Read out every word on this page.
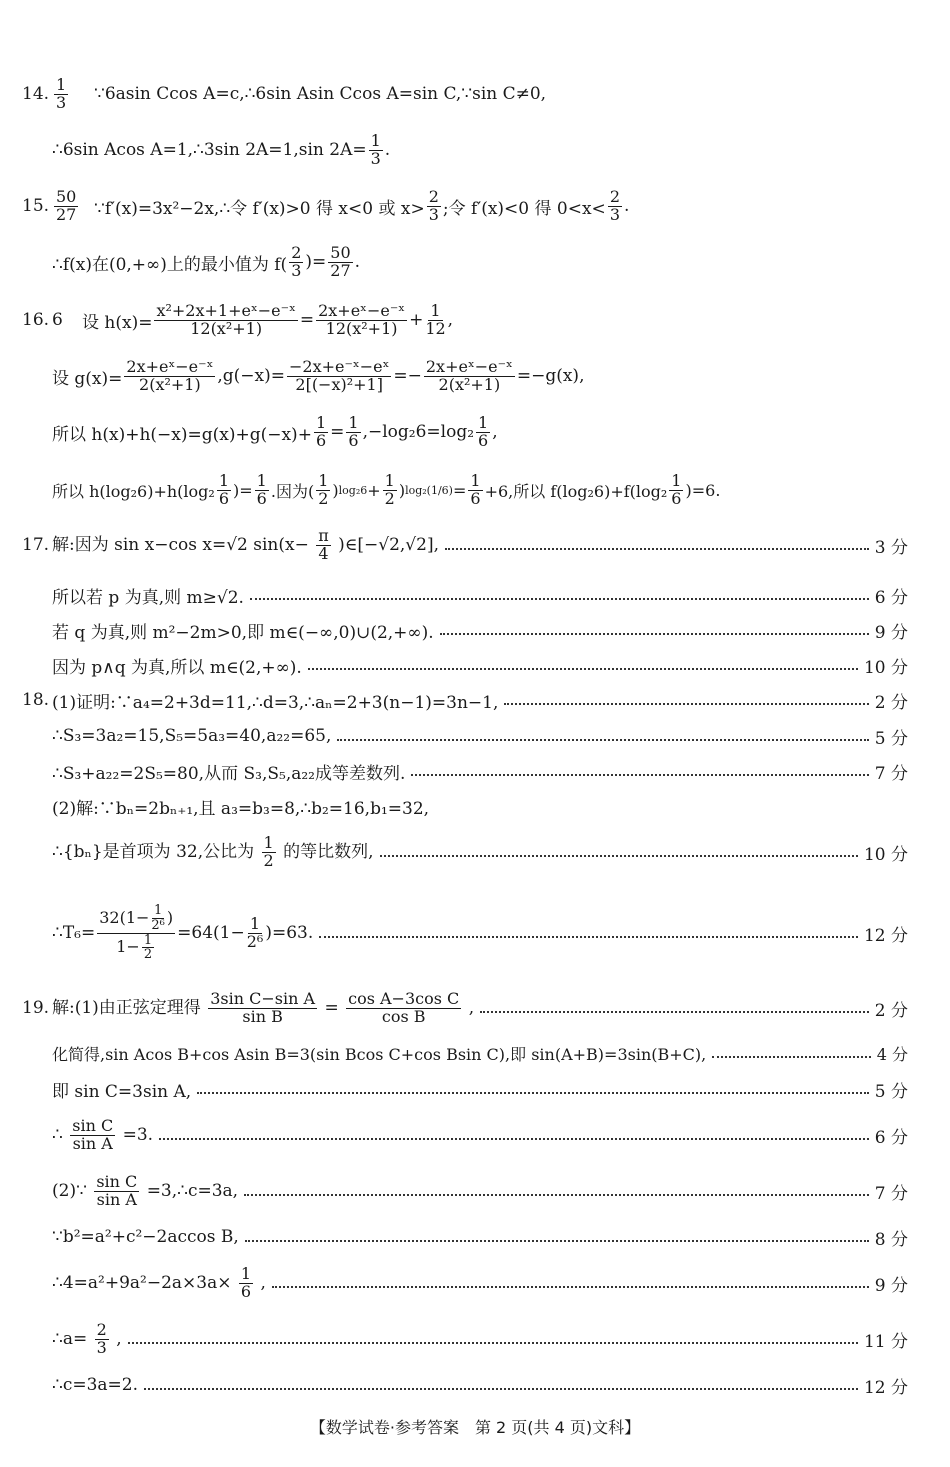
14. $\frac{1}{3}$ ∵6asin Ccos A=c,∴6sin Asin Ccos A=sin C,∵sin C≠0,
∴6sin Acos A=1,∴3sin 2A=1,sin $2A= \frac{1}{3}$ .
15. $\frac{50}{27}$ ∵f′(x)=3x²−2x,∴令 f′(x)>0 得 x<0 或 $x> \frac{2}{3}$ ;令 f′(x)<0 得 $0<x< \frac{2}{3}$ .
∴f(x)在(0,+∞)上的最小值为 $f( \frac{2}{3}$ )= $\frac{50}{27}$ .
16. 6 设 $h(x)= \frac{\text{x²+2x+1+eˣ−e⁻ˣ}}{\text{12(x²+1)}} = \frac{\text{2x+eˣ−e⁻ˣ}}{\text{12(x²+1)}} + \frac{1}{12}$ ,
设 $g(x)= \frac{\text{2x+eˣ−e⁻ˣ}}{\text{2(x²+1)}} ,g(-x)= \frac{\text{−2x+e⁻ˣ−eˣ}}{\text{2[(−x)²+1]}} =- \frac{\text{2x+eˣ−e⁻ˣ}}{\text{2(x²+1)}} =-g(x)$,
所以 $h(x)+h(-x)=g(x)+g(-x)+ \frac{1}{6} = \frac{1}{6} ,-\log_26=\log_2 \frac{1}{6}$ ,
所以 $h(\log_26)+h(\log_2 \frac{1}{6}$ )= $\frac{1}{6}$ .因为( $\frac{1}{2}$ ) $\log_26 + \frac{1}{2}$ ) $\log_2(1/6) = \frac{1}{6} +6$,所以 $f(\log_26)+f(\log_2 \frac{1}{6} )=6$.
17. 解:因为 sin x−cos x=√2 $\sin(x- \frac{\pi}{4}$ )∈[−√2,√2],	3 分
所以若 p 为真,则 m≥√2.	6 分
若 q 为真,则 m²−2m>0,即 m∈(−∞,0)∪(2,+∞).	9 分
因为 p∧q 为真,所以 m∈(2,+∞).	10 分
18. (1)证明:∵a₄=2+3d=11,∴d=3,∴aₙ=2+3(n−1)=3n−1,	2 分
∴S₃=3a₂=15,S₅=5a₃=40,a₂₂=65,	5 分
∴S₃+a₂₂=2S₅=80,从而 S₃,S₅,a₂₂成等差数列.	7 分
(2)解:∵bₙ=2bₙ₊₁,且 a₃=b₃=8,∴b₂=16,b₁=32,
∴{bₙ}是首项为 32,公比为 $\frac{1}{2}$ 的等比数列,	10 分
∴T₆= $\frac{32(1- \frac{1}{\text{2⁶}} )}{1- \frac{1}{2}} =64(1- \frac{1}{\text{2⁶}} )=63$.	12 分
19. 解:(1)由正弦定理得 $\frac{\text{3sin C−sin A}}{\text{sin B}} = \frac{\text{cos A−3cos C}}{\text{cos B}}$ ,	2 分
化简得,sin Acos B+cos Asin B=3(sin Bcos C+cos Bsin C),即 sin(A+B)=3sin(B+C),	4 分
即 sin C=3sin A,	5 分
∴ $\frac{\text{sin C}}{\text{sin A}} =3$.	6 分
(2)∵ $\frac{\text{sin C}}{\text{sin A}}$ =3,∴c=3a,	7 分
∵b²=a²+c²−2accos B,	8 分
∴4=a²+9a²−2a×3a× $\frac{1}{6}$ ,	9 分
∴a= $\frac{2}{3}$ ,	11 分
∴c=3a=2.	12 分
【数学试卷·参考答案　第 2 页(共 4 页)文科】
